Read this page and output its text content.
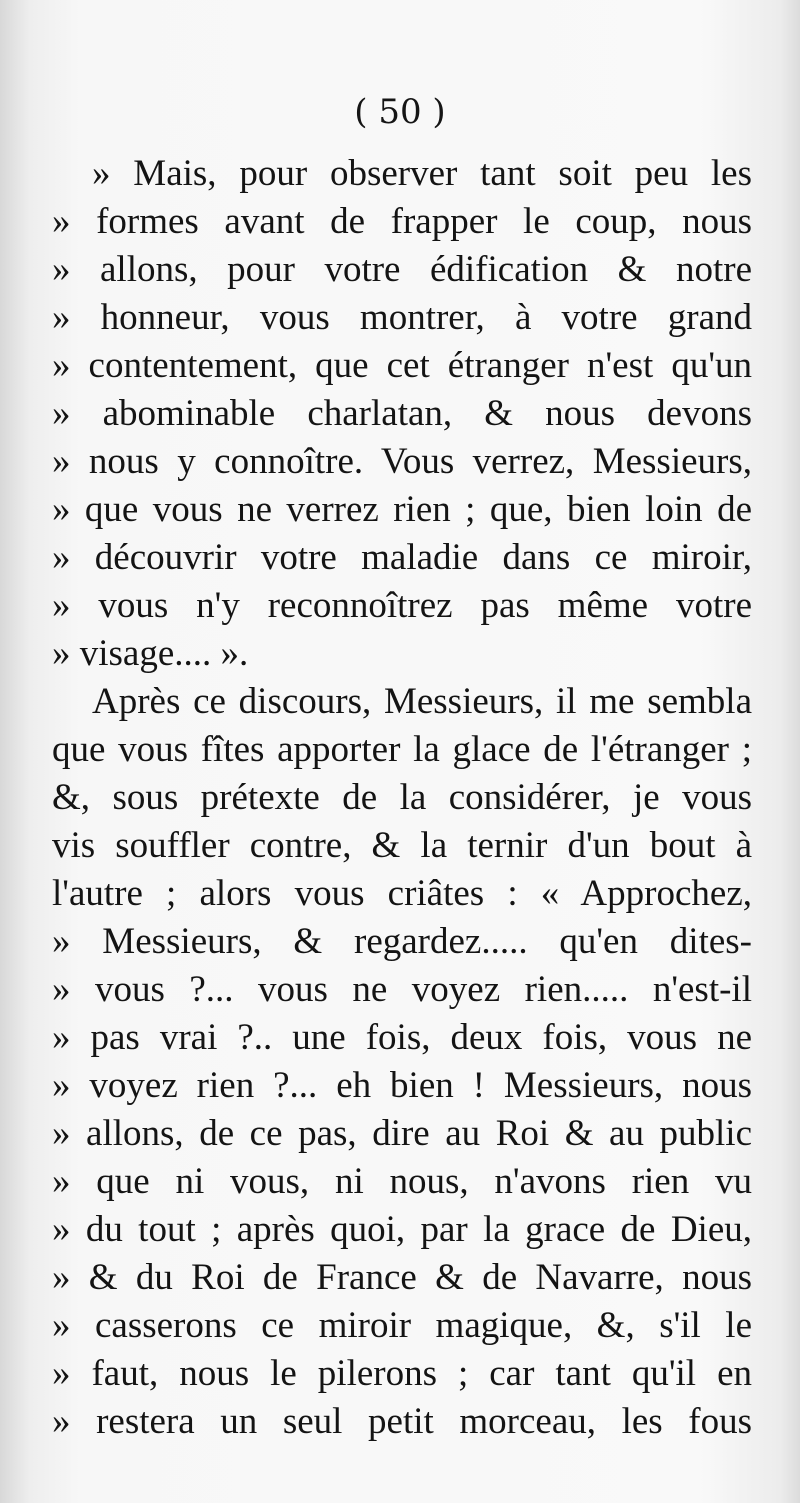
( 50 )
» Mais, pour observer tant soit peu les
» formes avant de frapper le coup, nous
» allons, pour votre édification & notre
» honneur, vous montrer, à votre grand
» contentement, que cet étranger n'est qu'un
» abominable charlatan, & nous devons
» nous y connoître. Vous verrez, Messieurs,
» que vous ne verrez rien ; que, bien loin de
» découvrir votre maladie dans ce miroir,
» vous n'y reconnoîtrez pas même votre
» visage.... ».
Après ce discours, Messieurs, il me sembla
que vous fîtes apporter la glace de l'étranger ;
&, sous prétexte de la considérer, je vous
vis souffler contre, & la ternir d'un bout à
l'autre ; alors vous criâtes : « Approchez,
» Messieurs, & regardez..... qu'en dites-
» vous ?... vous ne voyez rien..... n'est-il
» pas vrai ?.. une fois, deux fois, vous ne
» voyez rien ?... eh bien ! Messieurs, nous
» allons, de ce pas, dire au Roi & au public
» que ni vous, ni nous, n'avons rien vu
» du tout ; après quoi, par la grace de Dieu,
» & du Roi de France & de Navarre, nous
» casserons ce miroir magique, &, s'il le
» faut, nous le pilerons ; car tant qu'il en
» restera un seul petit morceau, les fous
